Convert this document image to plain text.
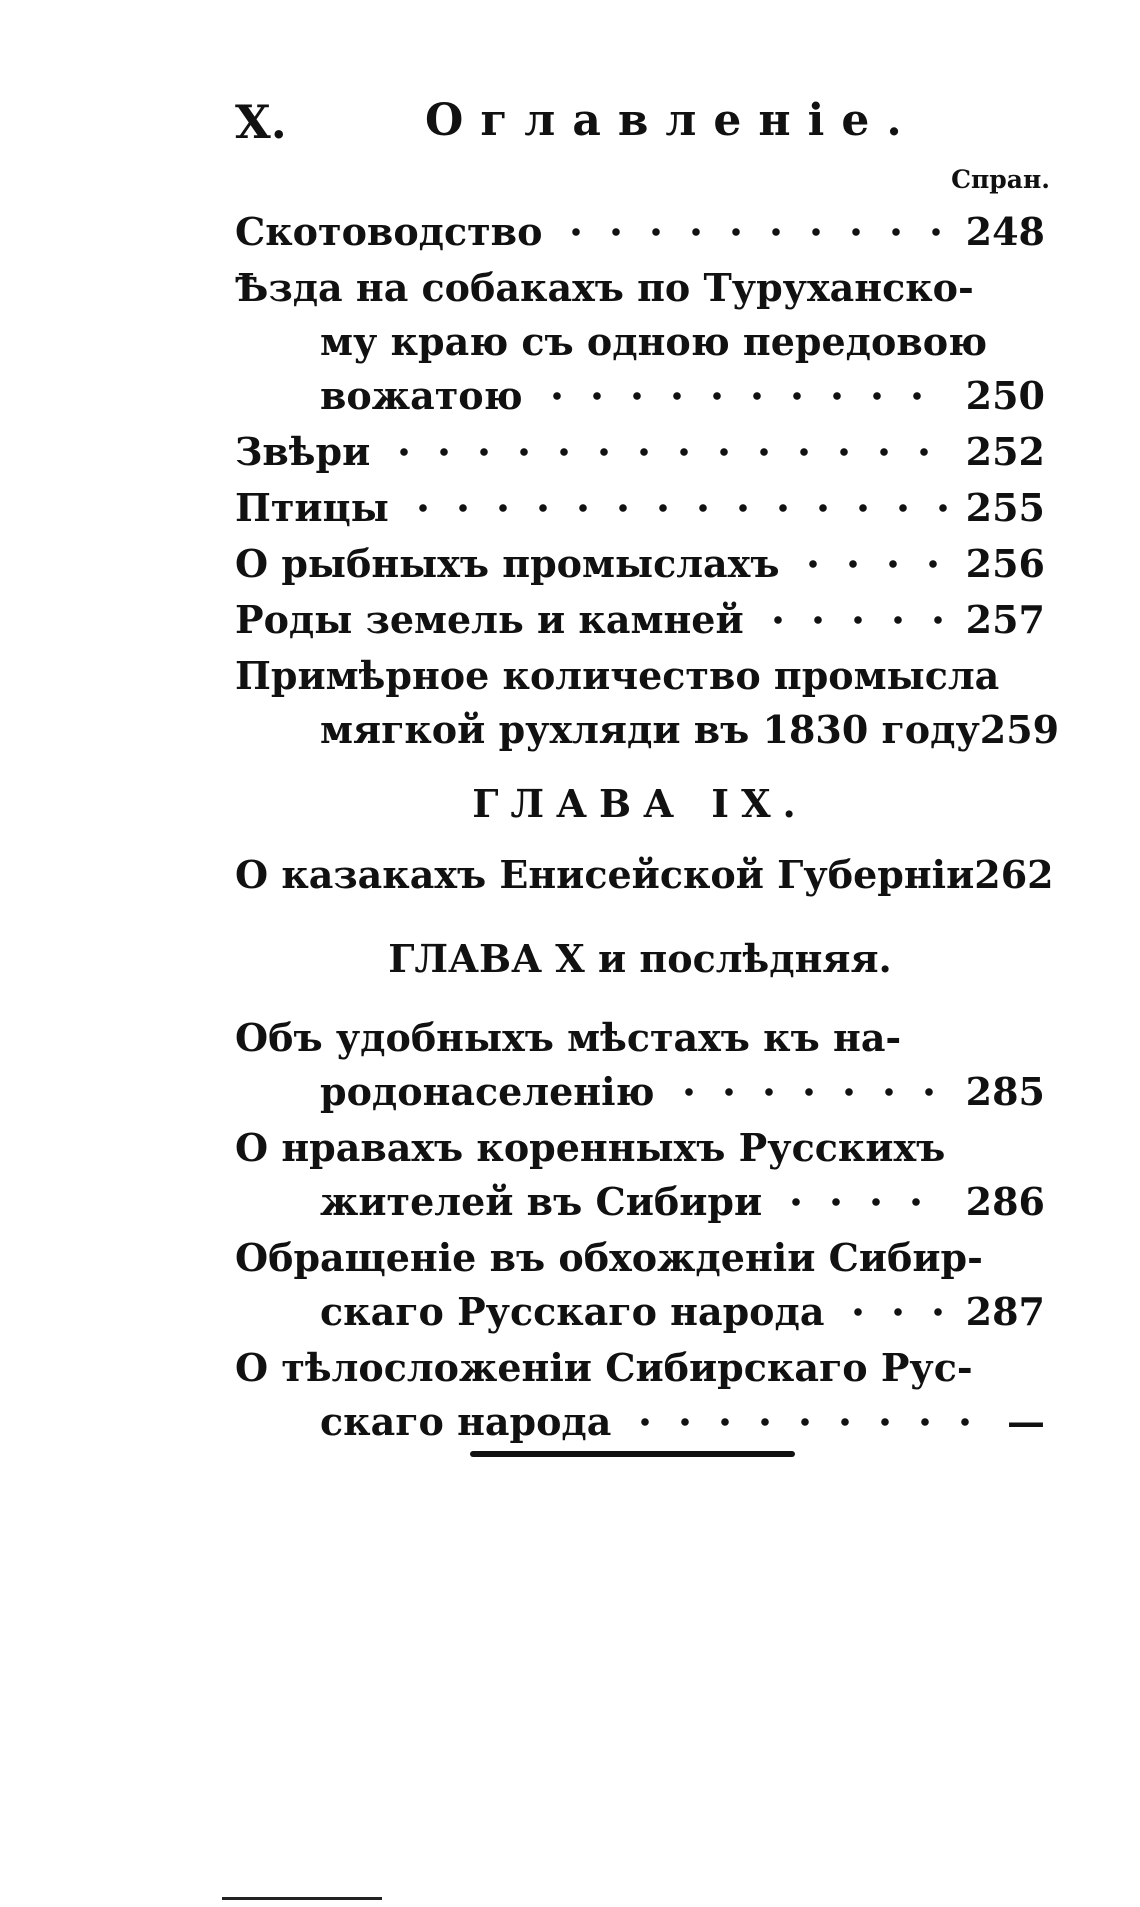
X.	Оглавленіе.
Спран.
Скотоводство	248
Ѣзда на собакахъ по Туруханско-
му краю съ одною передовою
вожатою	250
Звѣри	252
Птицы	255
О рыбныхъ промыслахъ	256
Роды земель и камней	257
Примѣрное количество промысла
мягкой рухляди въ 1830 году 259
ГЛАВА IX.
О казакахъ Енисейской Губерніи 262
ГЛАВА X и послѣдняя.
Объ удобныхъ мѣстахъ къ на-
родонаселенію	285
О нравахъ коренныхъ Русскихъ
жителей въ Сибири	286
Обращеніе въ обхожденіи Сибир-
скаго Русскаго народа	287
О тѣлосложеніи Сибирскаго Рус-
скаго народа	—
